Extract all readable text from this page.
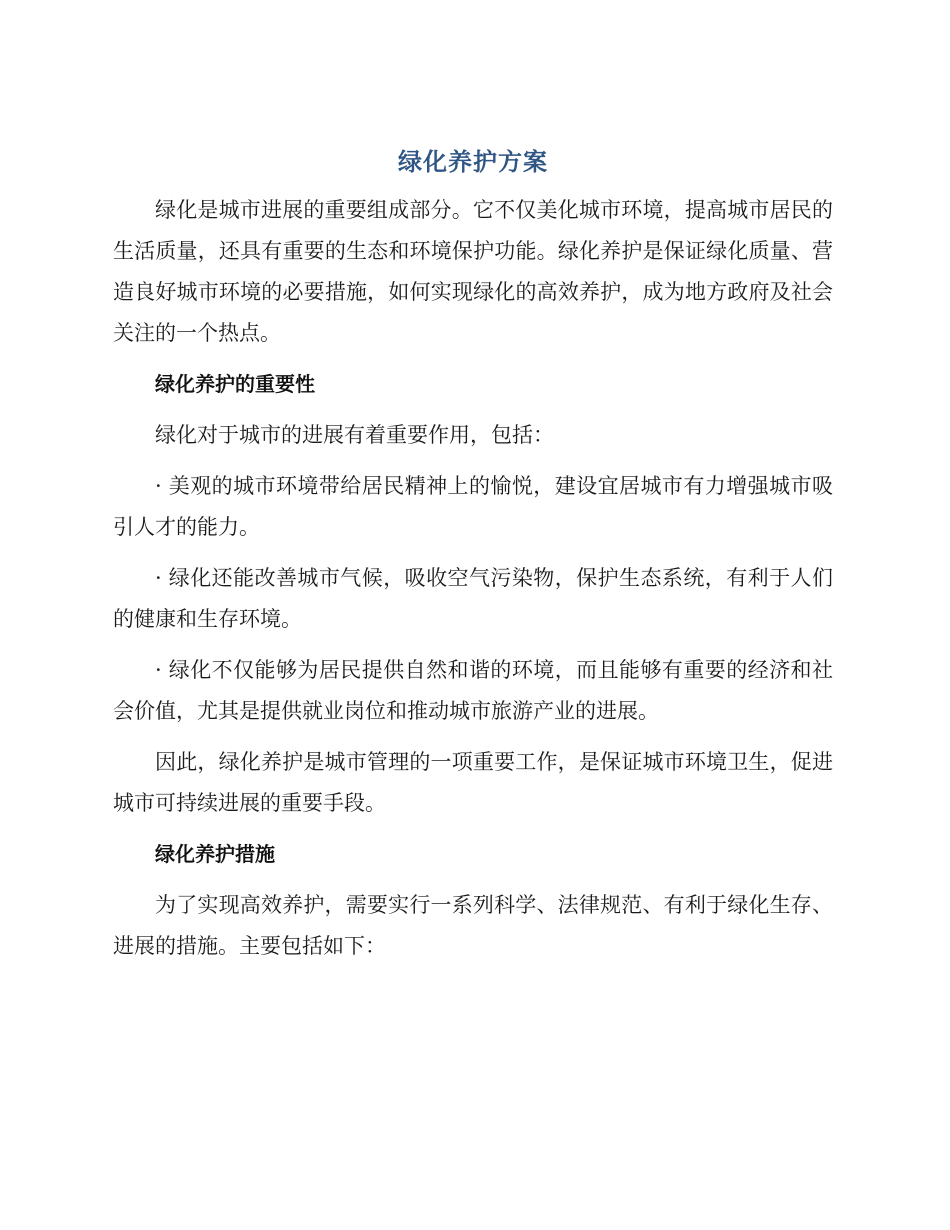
绿化养护方案

绿化是城市进展的重要组成部分。它不仅美化城市环境，提高城市居民的生活质量，还具有重要的生态和环境保护功能。绿化养护是保证绿化质量、营造良好城市环境的必要措施，如何实现绿化的高效养护，成为地方政府及社会关注的一个热点。

绿化养护的重要性

绿化对于城市的进展有着重要作用，包括：

· 美观的城市环境带给居民精神上的愉悦，建设宜居城市有力增强城市吸引人才的能力。

· 绿化还能改善城市气候，吸收空气污染物，保护生态系统，有利于人们的健康和生存环境。

· 绿化不仅能够为居民提供自然和谐的环境，而且能够有重要的经济和社会价值，尤其是提供就业岗位和推动城市旅游产业的进展。

因此，绿化养护是城市管理的一项重要工作，是保证城市环境卫生，促进城市可持续进展的重要手段。

绿化养护措施

为了实现高效养护，需要实行一系列科学、法律规范、有利于绿化生存、进展的措施。主要包括如下：
